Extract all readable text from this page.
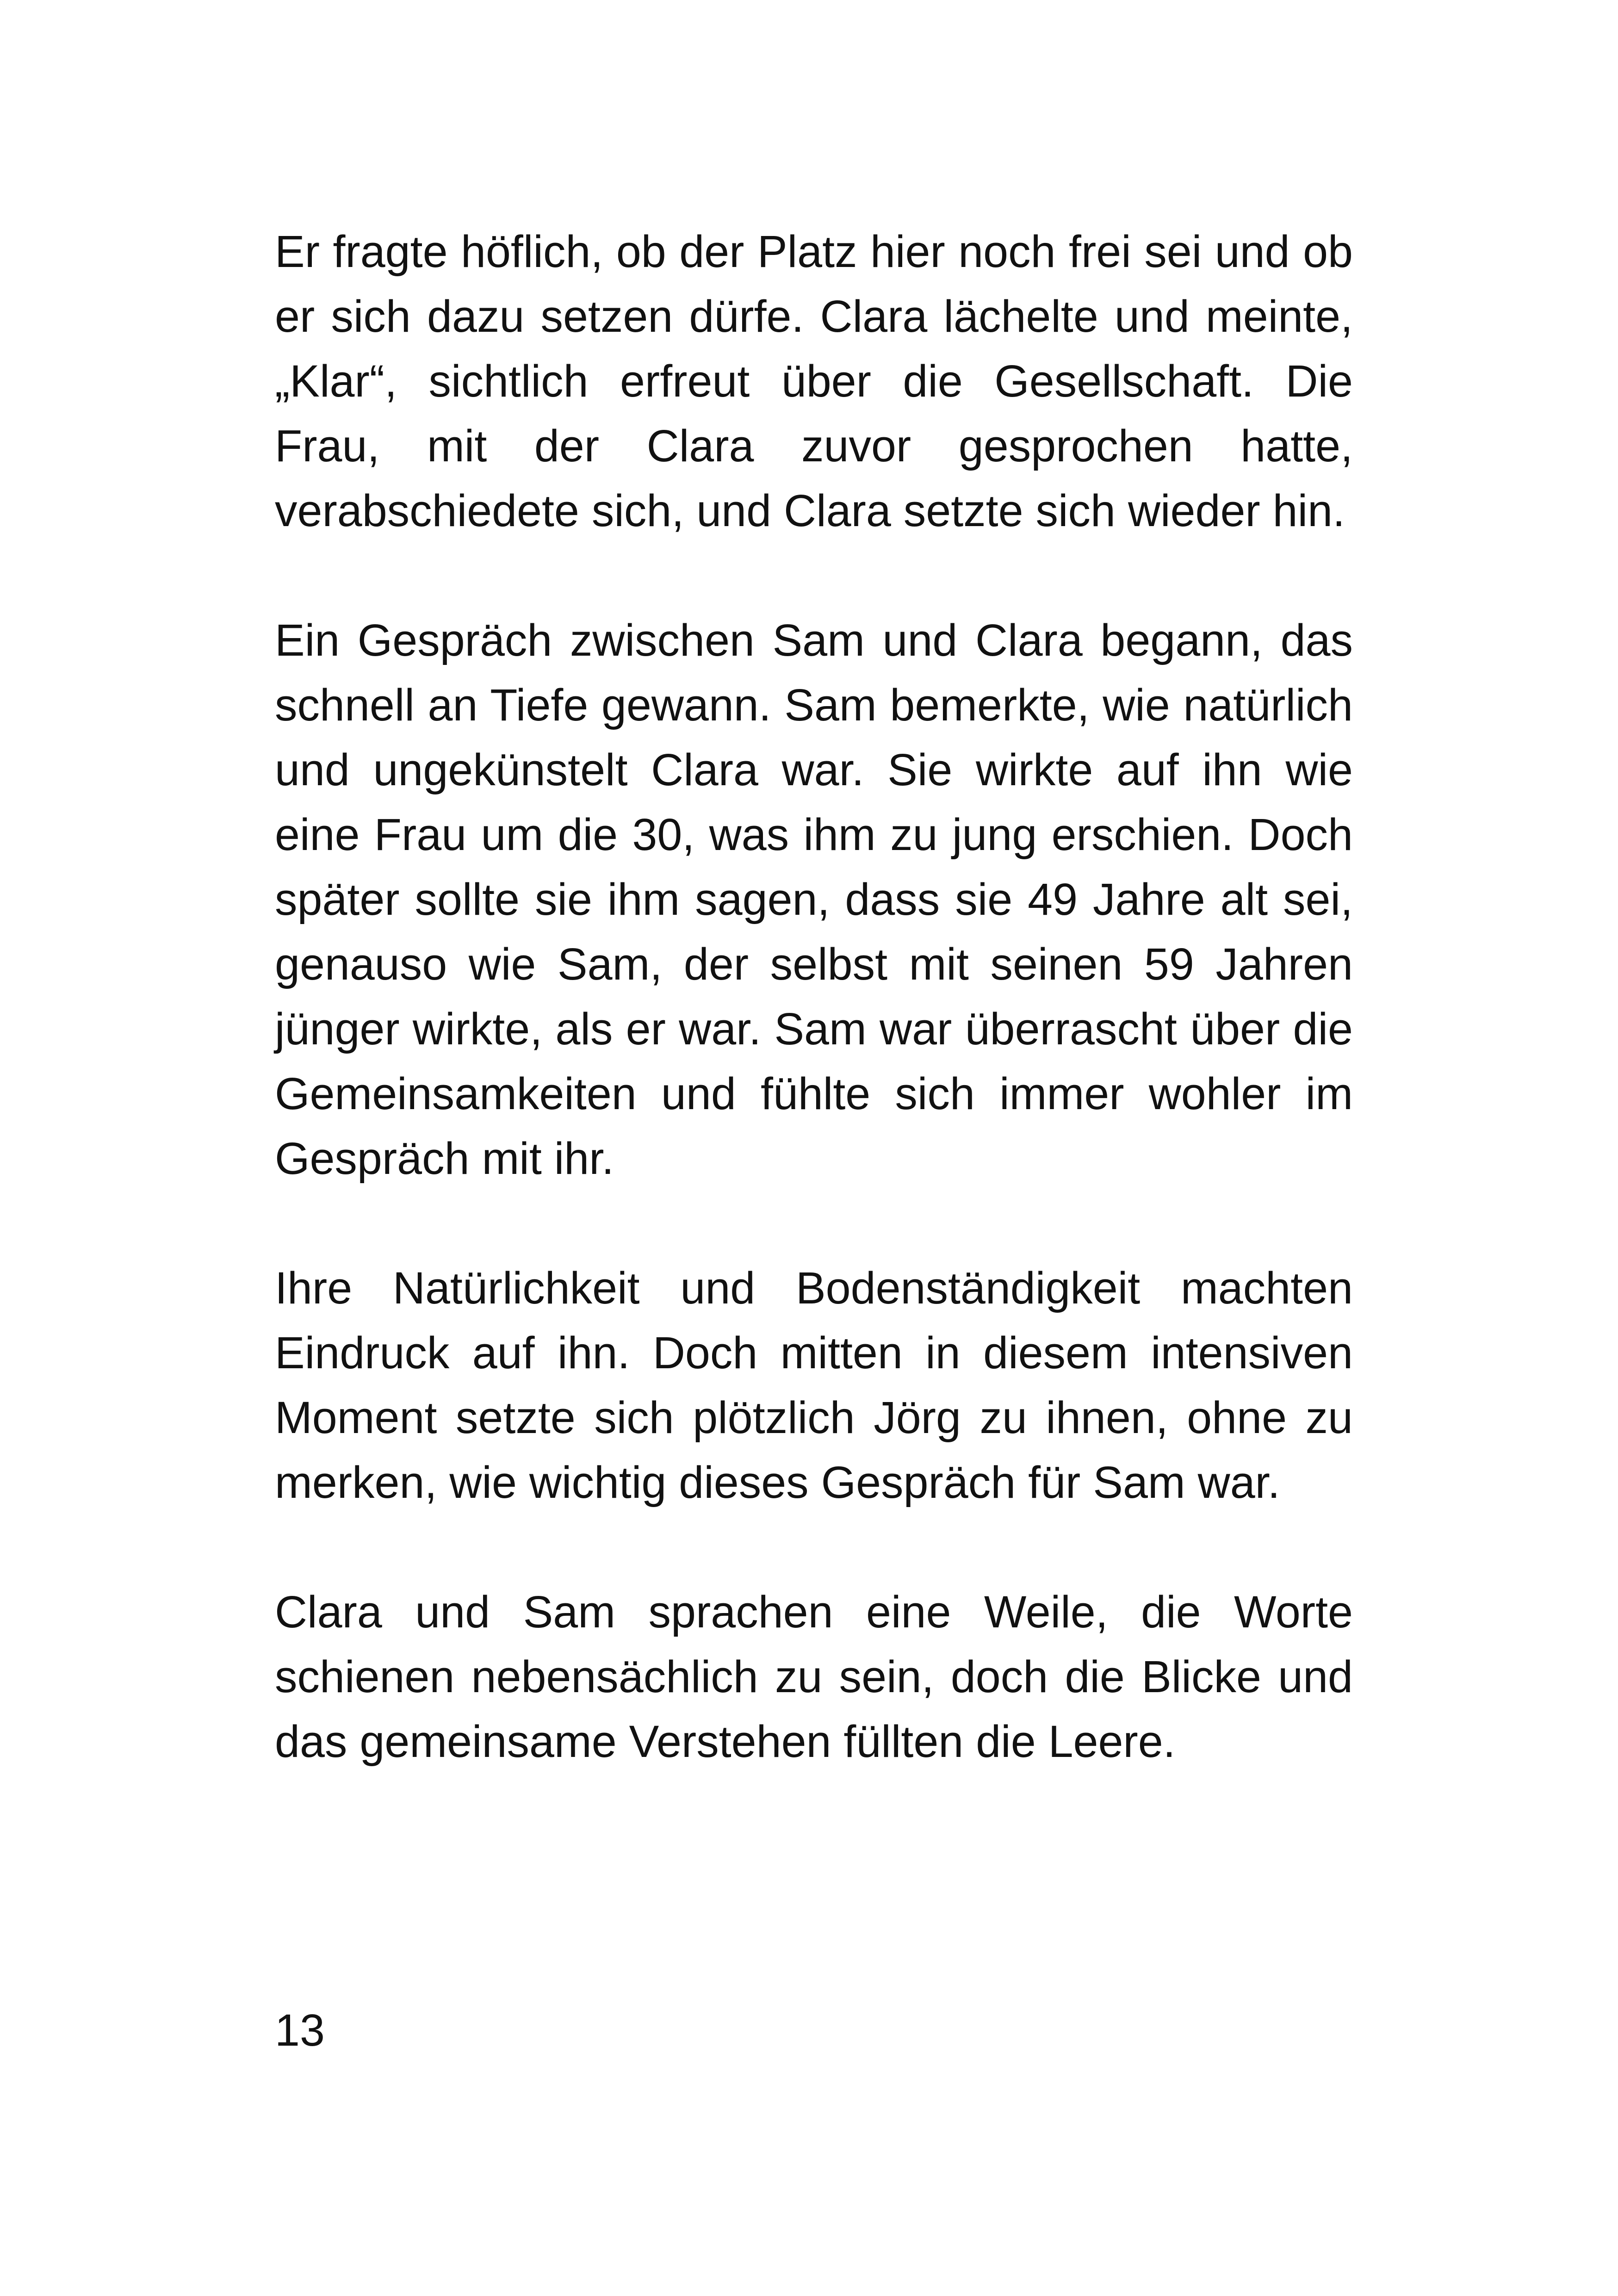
Er fragte höflich, ob der Platz hier noch frei sei und ob er sich dazu setzen dürfe. Clara lächelte und meinte, „Klar“, sichtlich erfreut über die Gesellschaft. Die Frau, mit der Clara zuvor gesprochen hatte, verabschiedete sich, und Clara setzte sich wieder hin.

Ein Gespräch zwischen Sam und Clara begann, das schnell an Tiefe gewann. Sam bemerkte, wie natürlich und ungekünstelt Clara war. Sie wirkte auf ihn wie eine Frau um die 30, was ihm zu jung erschien. Doch später sollte sie ihm sagen, dass sie 49 Jahre alt sei, genauso wie Sam, der selbst mit seinen 59 Jahren jünger wirkte, als er war. Sam war überrascht über die Gemeinsamkeiten und fühlte sich immer wohler im Gespräch mit ihr.

Ihre Natürlichkeit und Bodenständigkeit machten Eindruck auf ihn. Doch mitten in diesem intensiven Moment setzte sich plötzlich Jörg zu ihnen, ohne zu merken, wie wichtig dieses Gespräch für Sam war.

Clara und Sam sprachen eine Weile, die Worte schienen nebensächlich zu sein, doch die Blicke und das gemeinsame Verstehen füllten die Leere.

13
